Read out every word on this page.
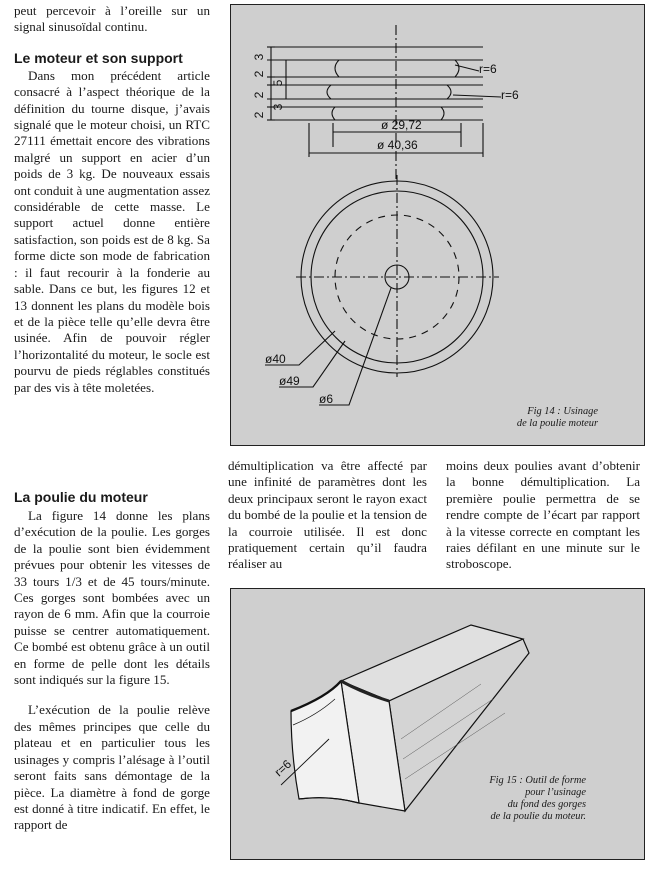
peut percevoir à l’oreille sur un signal sinusoïdal continu.

Le moteur et son support

Dans mon précédent article consacré à l’aspect théorique de la définition du tourne disque, j’avais signalé que le moteur choisi, un RTC 27111 émettait encore des vibrations malgré un support en acier d’un poids de 3 kg. De nouveaux essais ont conduit à une augmentation assez considérable de cette masse. Le support actuel donne entière satisfaction, son poids est de 8 kg. Sa forme dicte son mode de fabrication : il faut recourir à la fonderie au sable. Dans ce but, les figures 12 et 13 donnent les plans du modèle bois et de la pièce telle qu’elle devra être usinée. Afin de pouvoir régler l’horizontalité du moteur, le socle est pourvu de pieds réglables constitués par des vis à tête moletées.

La poulie du moteur

La figure 14 donne les plans d’exécution de la poulie. Les gorges de la poulie sont bien évidemment prévues pour obtenir les vitesses de 33 tours 1/3 et de 45 tours/minute. Ces gorges sont bombées avec un rayon de 6 mm. Afin que la courroie puisse se centrer automatiquement. Ce bombé est obtenu grâce à un outil en forme de pelle dont les détails sont indiqués sur la figure 15.

L’exécution de la poulie relève des mêmes principes que celle du plateau et en particulier tous les usinages y compris l’alésage à l’outil seront faits sans démontage de la pièce. La diamètre à fond de gorge est donné à titre indicatif. En effet, le rapport de

démultiplication va être affecté par une infinité de paramètres dont les deux principaux seront le rayon exact du bombé de la poulie et la tension de la courroie utilisée. Il est donc pratiquement certain qu’il faudra réaliser au

moins deux poulies avant d’obtenir la bonne démultiplication. La première poulie permettra de se rendre compte de l’écart par rapport à la vitesse correcte en comptant les raies défilant en une minute sur le stroboscope.

3
2
5
2
3
2
r=6
r=6
ø 29,72
ø 40,36
ø40
ø49
ø6
Fig 14 : Usinage
de la poulie moteur
r=6
Fig 15 : Outil de forme
pour l’usinage
du fond des gorges
de la poulie du moteur.
